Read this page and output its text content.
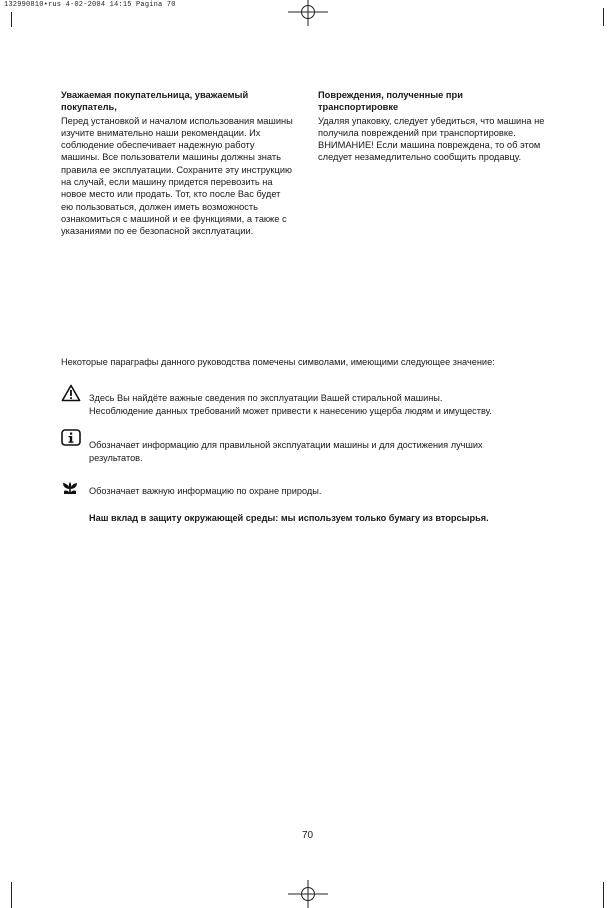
132990810•rus 4-02-2004 14:15 Pagina 70
Уважаемая покупательница, уважаемый покупатель,

Перед установкой и началом использования машины изучите внимательно наши рекомендации. Их соблюдение обеспечивает надежную работу машины. Все пользователи машины должны знать правила ее эксплуатации. Сохраните эту инструкцию на случай, если машину придется перевозить на новое место или продать. Тот, кто после Вас будет ею пользоваться, должен иметь возможность ознакомиться с машиной и ее функциями, а также с указаниями по ее безопасной эксплуатации.

Повреждения, полученные при транспортировке

Удаляя упаковку, следует убедиться, что машина не получила повреждений при транспортировке.

ВНИМАНИЕ! Если машина повреждена, то об этом следует незамедлительно сообщить продавцу.

Некоторые параграфы данного руководства помечены символами, имеющими следующее значение:
Здесь Вы найдёте важные сведения по эксплуатации Вашей стиральной машины.
Несоблюдение данных требований может привести к нанесению ущерба людям и имуществу.
Обозначает информацию для правильной эксплуатации машины и для достижения лучших
результатов.
Обозначает важную информацию по охране природы.
Наш вклад в защиту окружающей среды: мы используем только бумагу из вторсырья.
70
